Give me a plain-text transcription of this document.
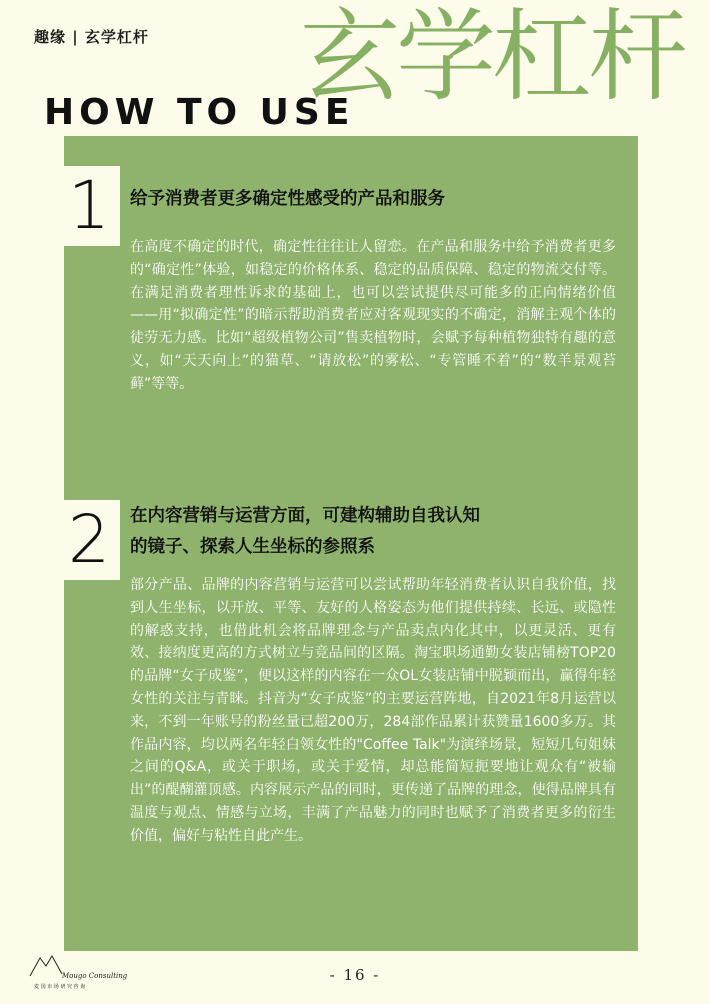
趣缘 | 玄学杠杆 玄学杠杆
HOW TO USE
1 给予消费者更多确定性感受的产品和服务
在高度不确定的时代，确定性往往让人留恋。在产品和服务中给予消费者更多的“确定性”体验，如稳定的价格体系、稳定的品质保障、稳定的物流交付等。在满足消费者理性诉求的基础上，也可以尝试提供尽可能多的正向情绪价值——用“拟确定性”的暗示帮助消费者应对客观现实的不确定，消解主观个体的徒劳无力感。比如“超级植物公司”售卖植物时，会赋予每种植物独特有趣的意义，如“天天向上”的猫草、“请放松”的雾松、“专管睡不着”的“数羊景观苔藓”等等。
2 在内容营销与运营方面，可建构辅助自我认知
的镜子、探索人生坐标的参照系
部分产品、品牌的内容营销与运营可以尝试帮助年轻消费者认识自我价值，找到人生坐标，以开放、平等、友好的人格姿态为他们提供持续、长远、或隐性的解惑支持，也借此机会将品牌理念与产品卖点内化其中，以更灵活、更有效、接纳度更高的方式树立与竞品间的区隔。淘宝职场通勤女装店铺榜TOP20的品牌“女子成鉴”，便以这样的内容在一众OL女装店铺中脱颖而出，赢得年轻女性的关注与青睐。抖音为“女子成鉴”的主要运营阵地，自2021年8月运营以来，不到一年账号的粉丝量已超200万，284部作品累计获赞量1600多万。其作品内容，均以两名年轻白领女性的"Coffee Talk"为演绎场景，短短几句姐妹之间的Q&A，或关于职场，或关于爱情，却总能简短扼要地让观众有“被输出”的醍醐灌顶感。内容展示产品的同时，更传递了品牌的理念，使得品牌具有温度与观点、情感与立场，丰满了产品魅力的同时也赋予了消费者更多的衍生价值，偏好与粘性自此产生。
Mougo Consulting
麦 国 市 场 研 究 咨 询
- 16 -
